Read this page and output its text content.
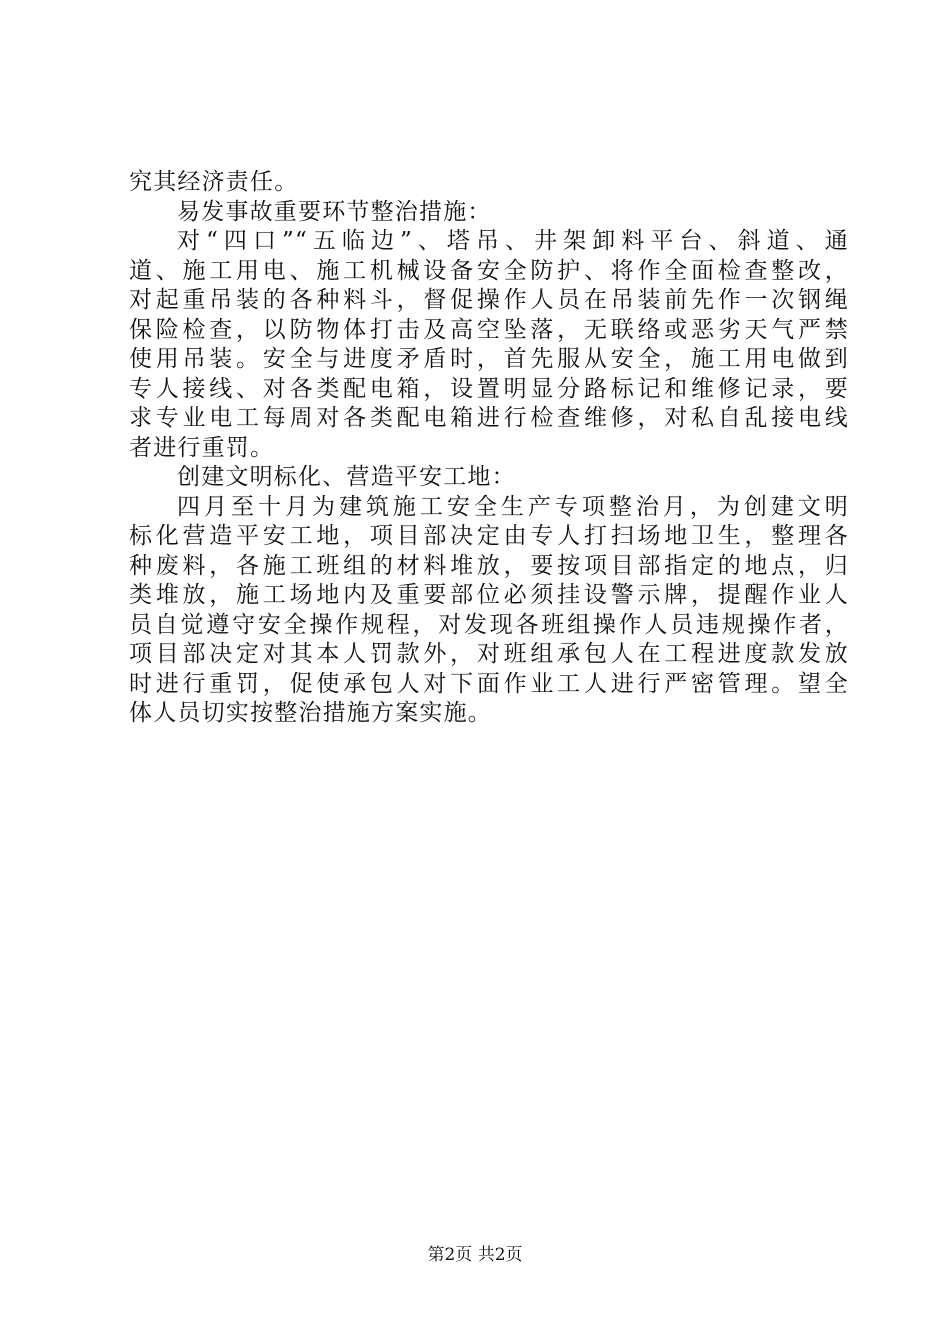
究其经济责任。
易发事故重要环节整治措施：
对“四口”“五临边”、塔吊、井架卸料平台、斜道、通
道、施工用电、施工机械设备安全防护、将作全面检查整改，
对起重吊装的各种料斗，督促操作人员在吊装前先作一次钢绳
保险检查，以防物体打击及高空坠落，无联络或恶劣天气严禁
使用吊装。安全与进度矛盾时，首先服从安全，施工用电做到
专人接线、对各类配电箱，设置明显分路标记和维修记录，要
求专业电工每周对各类配电箱进行检查维修，对私自乱接电线
者进行重罚。
创建文明标化、营造平安工地：
四月至十月为建筑施工安全生产专项整治月，为创建文明
标化营造平安工地，项目部决定由专人打扫场地卫生，整理各
种废料，各施工班组的材料堆放，要按项目部指定的地点，归
类堆放，施工场地内及重要部位必须挂设警示牌，提醒作业人
员自觉遵守安全操作规程，对发现各班组操作人员违规操作者，
项目部决定对其本人罚款外，对班组承包人在工程进度款发放
时进行重罚，促使承包人对下面作业工人进行严密管理。望全
体人员切实按整治措施方案实施。
第2页 共2页
